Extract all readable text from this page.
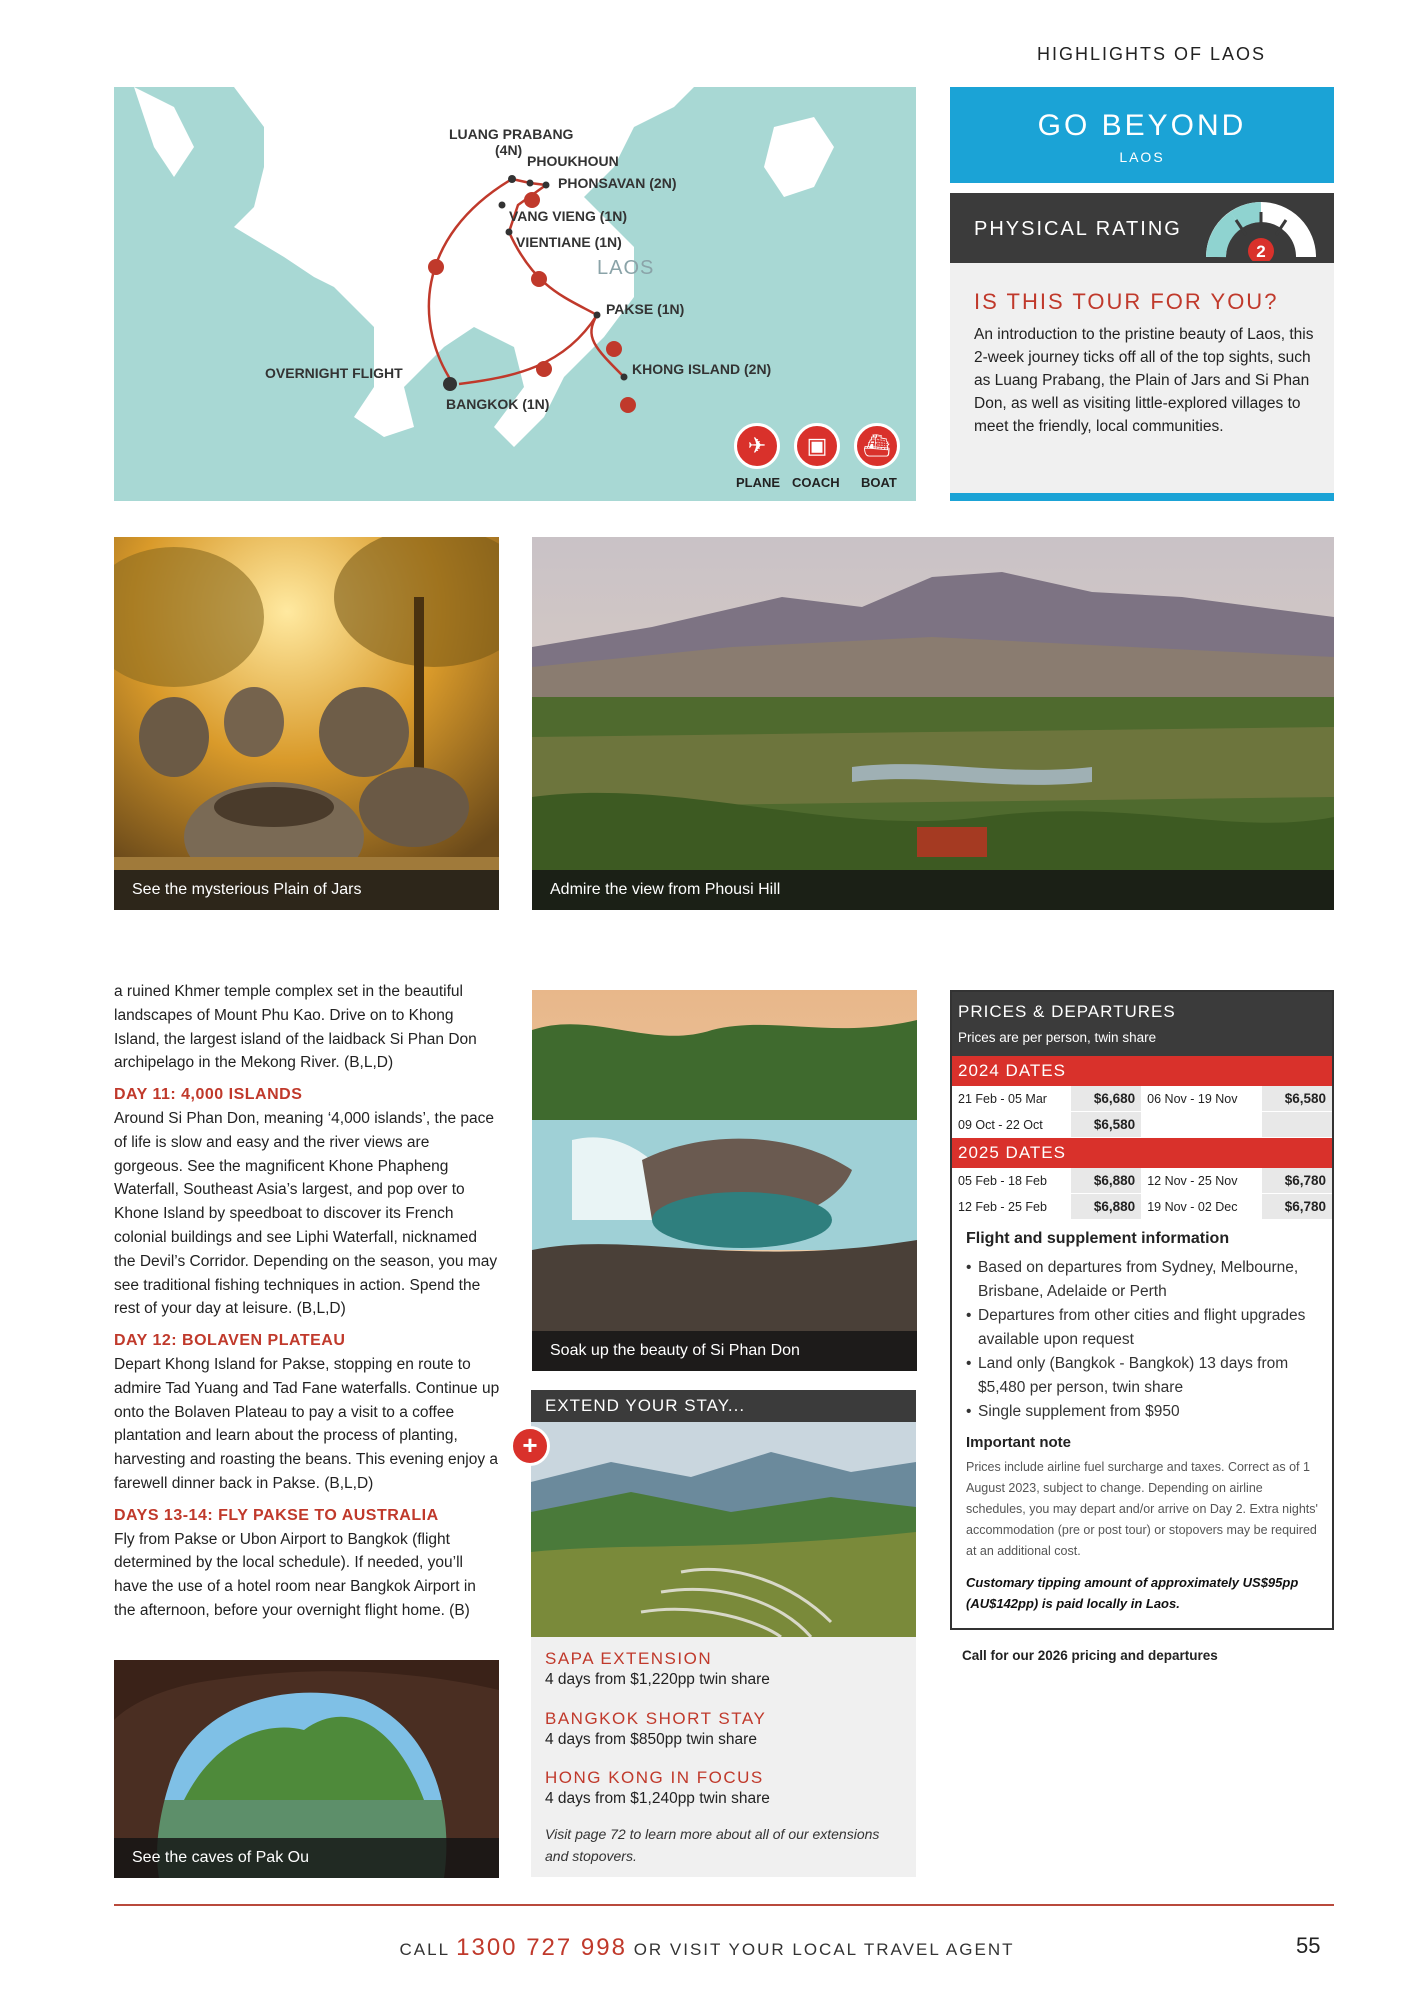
HIGHLIGHTS OF LAOS
LUANG PRABANG
(4N)
PHOUKHOUN
PHONSAVAN (2N)
VANG VIENG (1N)
VIENTIANE (1N)
LAOS
PAKSE (1N)
KHONG ISLAND (2N)
OVERNIGHT FLIGHT
BANGKOK (1N)
✈	▣	⛴
PLANE COACH BOAT
GO BEYOND
LAOS
PHYSICAL RATING
2
IS THIS TOUR FOR YOU?

An introduction to the pristine beauty of Laos, this 2-week journey ticks off all of the top sights, such as Luang Prabang, the Plain of Jars and Si Phan Don, as well as visiting little-explored villages to meet the friendly, local communities.

See the mysterious Plain of Jars	Admire the view from Phousi Hill

a ruined Khmer temple complex set in the beautiful landscapes of Mount Phu Kao. Drive on to Khong Island, the largest island of the laidback Si Phan Don archipelago in the Mekong River. (B,L,D)

DAY 11: 4,000 ISLANDS

Around Si Phan Don, meaning ‘4,000 islands’, the pace of life is slow and easy and the river views are gorgeous. See the magnificent Khone Phapheng Waterfall, Southeast Asia’s largest, and pop over to Khone Island by speedboat to discover its French colonial buildings and see Liphi Waterfall, nicknamed the Devil’s Corridor. Depending on the season, you may see traditional fishing techniques in action. Spend the rest of your day at leisure. (B,L,D)

DAY 12: BOLAVEN PLATEAU

Depart Khong Island for Pakse, stopping en route to admire Tad Yuang and Tad Fane waterfalls. Continue up onto the Bolaven Plateau to pay a visit to a coffee plantation and learn about the process of planting, harvesting and roasting the beans. This evening enjoy a farewell dinner back in Pakse. (B,L,D)

DAYS 13-14: FLY PAKSE TO AUSTRALIA

Fly from Pakse or Ubon Airport to Bangkok (flight determined by the local schedule). If needed, you’ll have the use of a hotel room near Bangkok Airport in the afternoon, before your overnight flight home. (B)

See the caves of Pak Ou
Soak up the beauty of Si Phan Don
EXTEND YOUR STAY...
+
SAPA EXTENSION
4 days from $1,220pp twin share
BANGKOK SHORT STAY
4 days from $850pp twin share
HONG KONG IN FOCUS
4 days from $1,240pp twin share
Visit page 72 to learn more about all of our extensions and stopovers.
PRICES & DEPARTURES
Prices are per person, twin share
2024 DATES
21 Feb - 05 Mar	$6,680	06 Nov - 19 Nov	$6,580
09 Oct - 22 Oct	$6,580		
2025 DATES
05 Feb - 18 Feb	$6,880	12 Nov - 25 Nov	$6,780
12 Feb - 25 Feb	$6,880	19 Nov - 02 Dec	$6,780
Flight and supplement information
• Based on departures from Sydney, Melbourne, Brisbane, Adelaide or Perth
• Departures from other cities and flight upgrades available upon request
• Land only (Bangkok - Bangkok) 13 days from $5,480 per person, twin share
• Single supplement from $950
Important note
Prices include airline fuel surcharge and taxes. Correct as of 1 August 2023, subject to change. Depending on airline schedules, you may depart and/or arrive on Day 2. Extra nights' accommodation (pre or post tour) or stopovers may be required at an additional cost.
Customary tipping amount of approximately US$95pp (AU$142pp) is paid locally in Laos.
Call for our 2026 pricing and departures
CALL 1300 727 998 OR VISIT YOUR LOCAL TRAVEL AGENT	55
